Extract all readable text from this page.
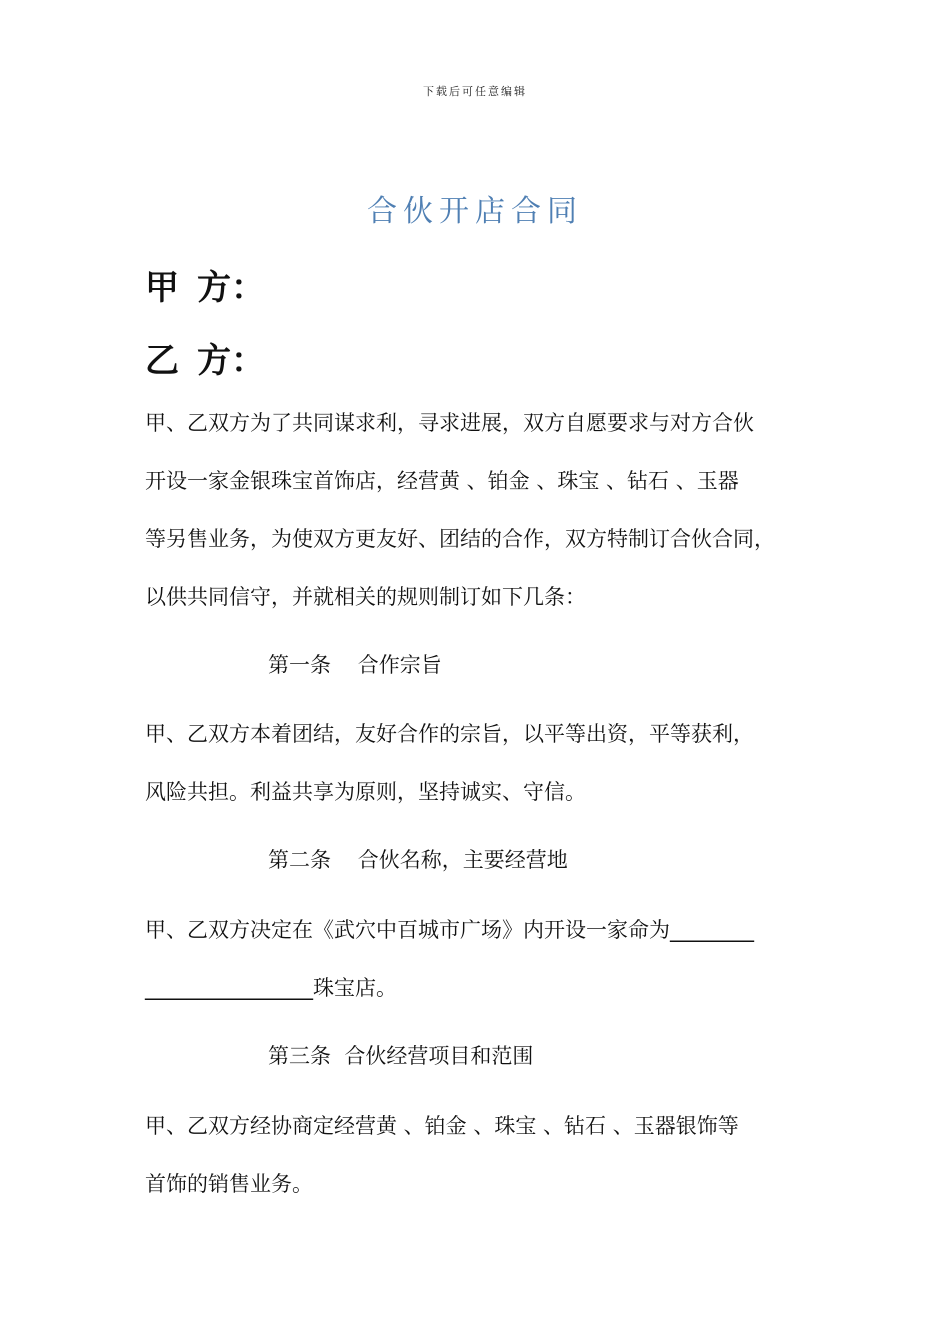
下载后可任意编辑
合伙开店合同
甲 方：
乙 方：
甲、乙双方为了共同谋求利，寻求进展，双方自愿要求与对方合伙
开设一家金银珠宝首饰店，经营黄 、铂金 、珠宝 、钻石 、玉器
等另售业务，为使双方更友好、团结的合作，双方特制订合伙合同，
以供共同信守，并就相关的规则制订如下几条：
第一条    合作宗旨
甲、乙双方本着团结，友好合作的宗旨，以平等出资，平等获利，
风险共担。利益共享为原则，坚持诚实、守信。
第二条    合伙名称，主要经营地
甲、乙双方决定在《武穴中百城市广场》内开设一家命为________
________________珠宝店。
第三条  合伙经营项目和范围
甲、乙双方经协商定经营黄 、铂金 、珠宝 、钻石 、玉器银饰等
首饰的销售业务。
